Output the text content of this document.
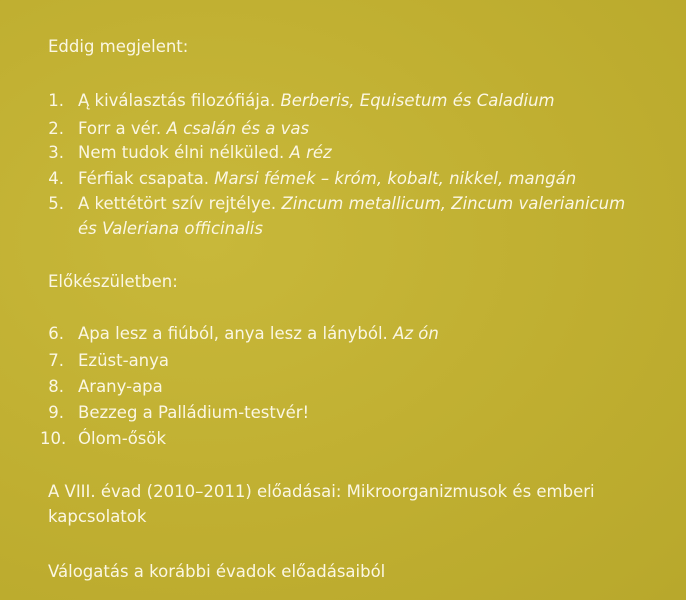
Eddig megjelent:
1. Ą kiválasztás filozófiája. Berberis, Equisetum és Caladium
2. Forr a vér. A csalán és a vas
3. Nem tudok élni nélküled. A réz
4. Férfiak csapata. Marsi fémek – króm, kobalt, nikkel, mangán
5. A kettétört szív rejtélye. Zincum metallicum, Zincum valerianicum
és Valeriana officinalis
Előkészületben:
6. Apa lesz a fiúból, anya lesz a lányból. Az ón
7. Ezüst-anya
8. Arany-apa
9. Bezzeg a Palládium-testvér!
10. Ólom-ősök
A VIII. évad (2010–2011) előadásai: Mikroorganizmusok és emberi
kapcsolatok
Válogatás a korábbi évadok előadásaiból
